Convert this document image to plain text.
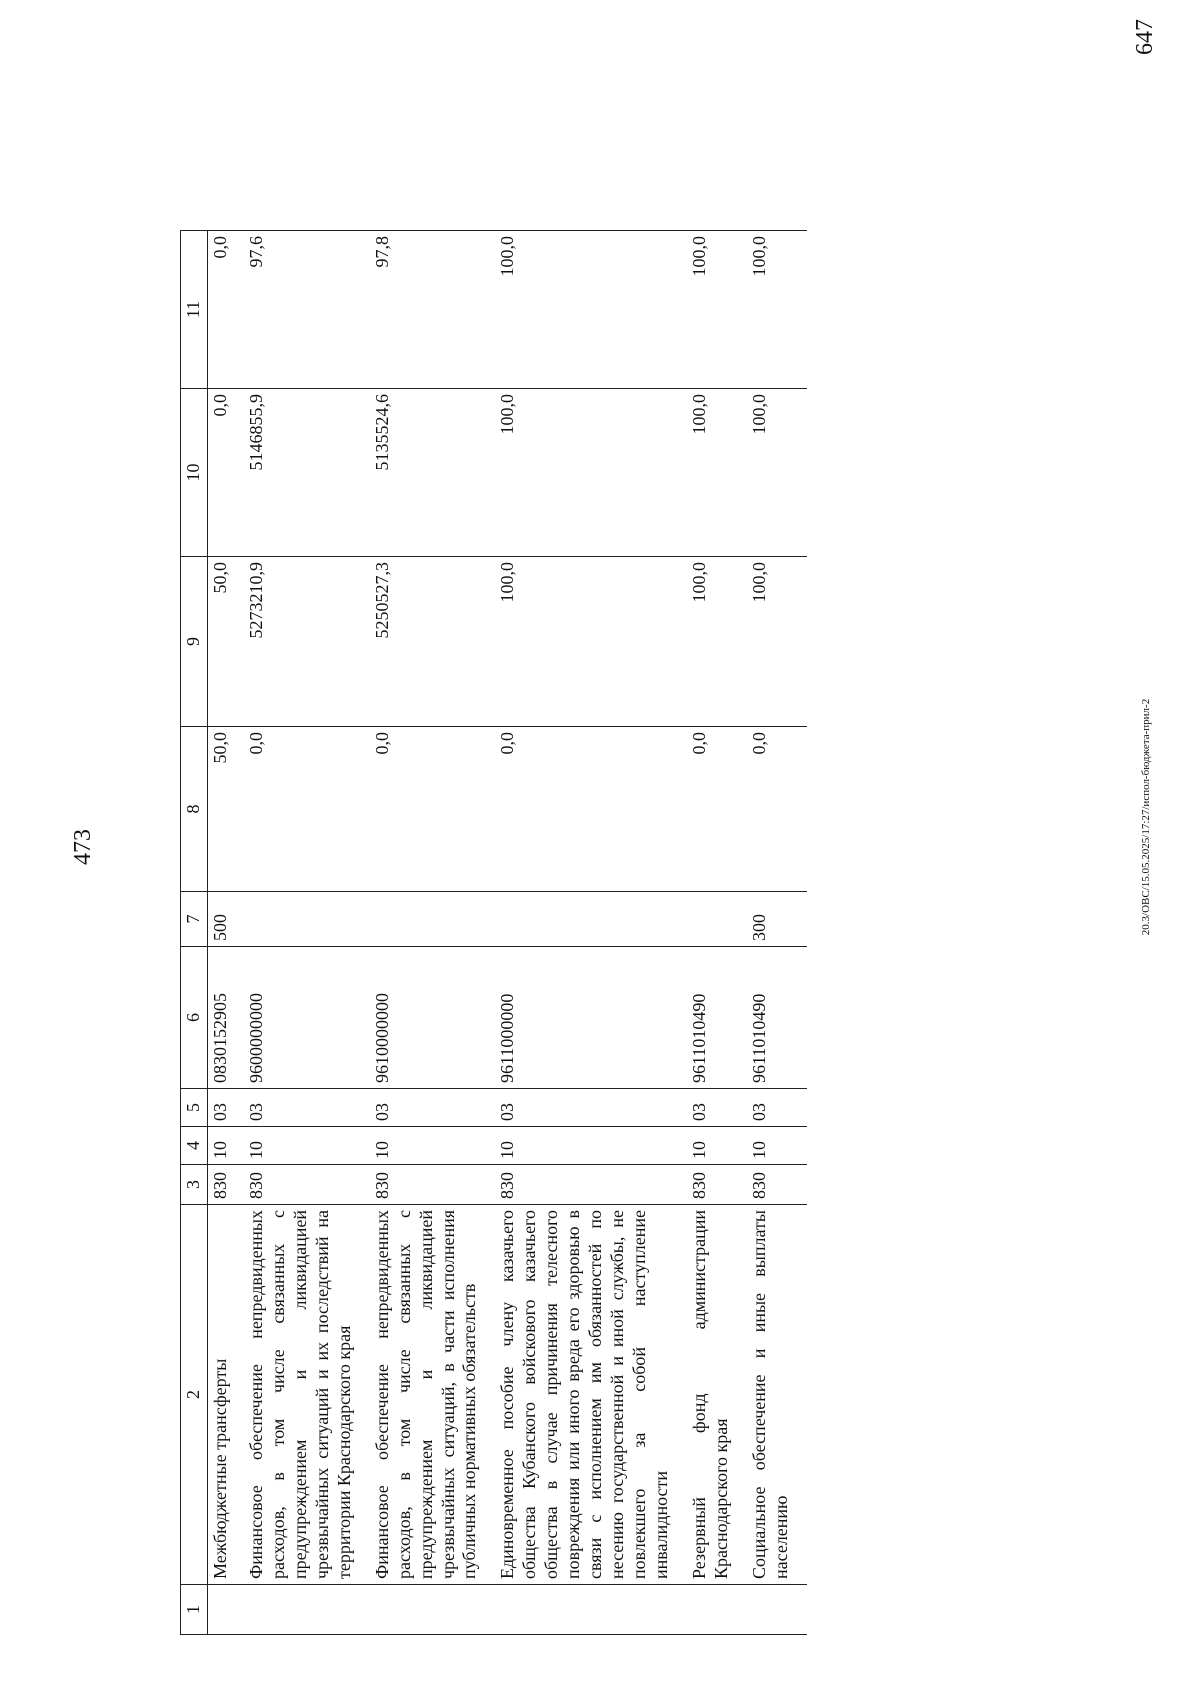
473
1	2	3	4	5	6	7	8	9	10	11
	Межбюджетные трансферты	830	10	03	0830152905	500	50,0	50,0	0,0	0,0
	Финансовое обеспечение непредвиденных расходов, в том числе связанных с предупреждением и ликвидацией чрезвычайных ситуаций и их последствий на территории Краснодарского края	830	10	03	9600000000		0,0	5273210,9	5146855,9	97,6
	Финансовое обеспечение непредвиденных расходов, в том числе связанных с предупреждением и ликвидацией чрезвычайных ситуаций, в части исполнения публичных нормативных обязательств	830	10	03	9610000000		0,0	5250527,3	5135524,6	97,8
	Единовременное пособие члену казачьего общества Кубанского войскового казачьего общества в случае причинения телесного повреждения или иного вреда его здоровью в связи с исполнением им обязанностей по несению государственной и иной службы, не повлекшего за собой наступление инвалидности	830	10	03	9611000000		0,0	100,0	100,0	100,0
	Резервный фонд администрации Краснодарского края	830	10	03	9611010490		0,0	100,0	100,0	100,0
	Социальное обеспечение и иные выплаты населению	830	10	03	9611010490	300	0,0	100,0	100,0	100,0
20.3/ОВС/15.05.2025/17:27/испол-бюджета-прил-2
647
